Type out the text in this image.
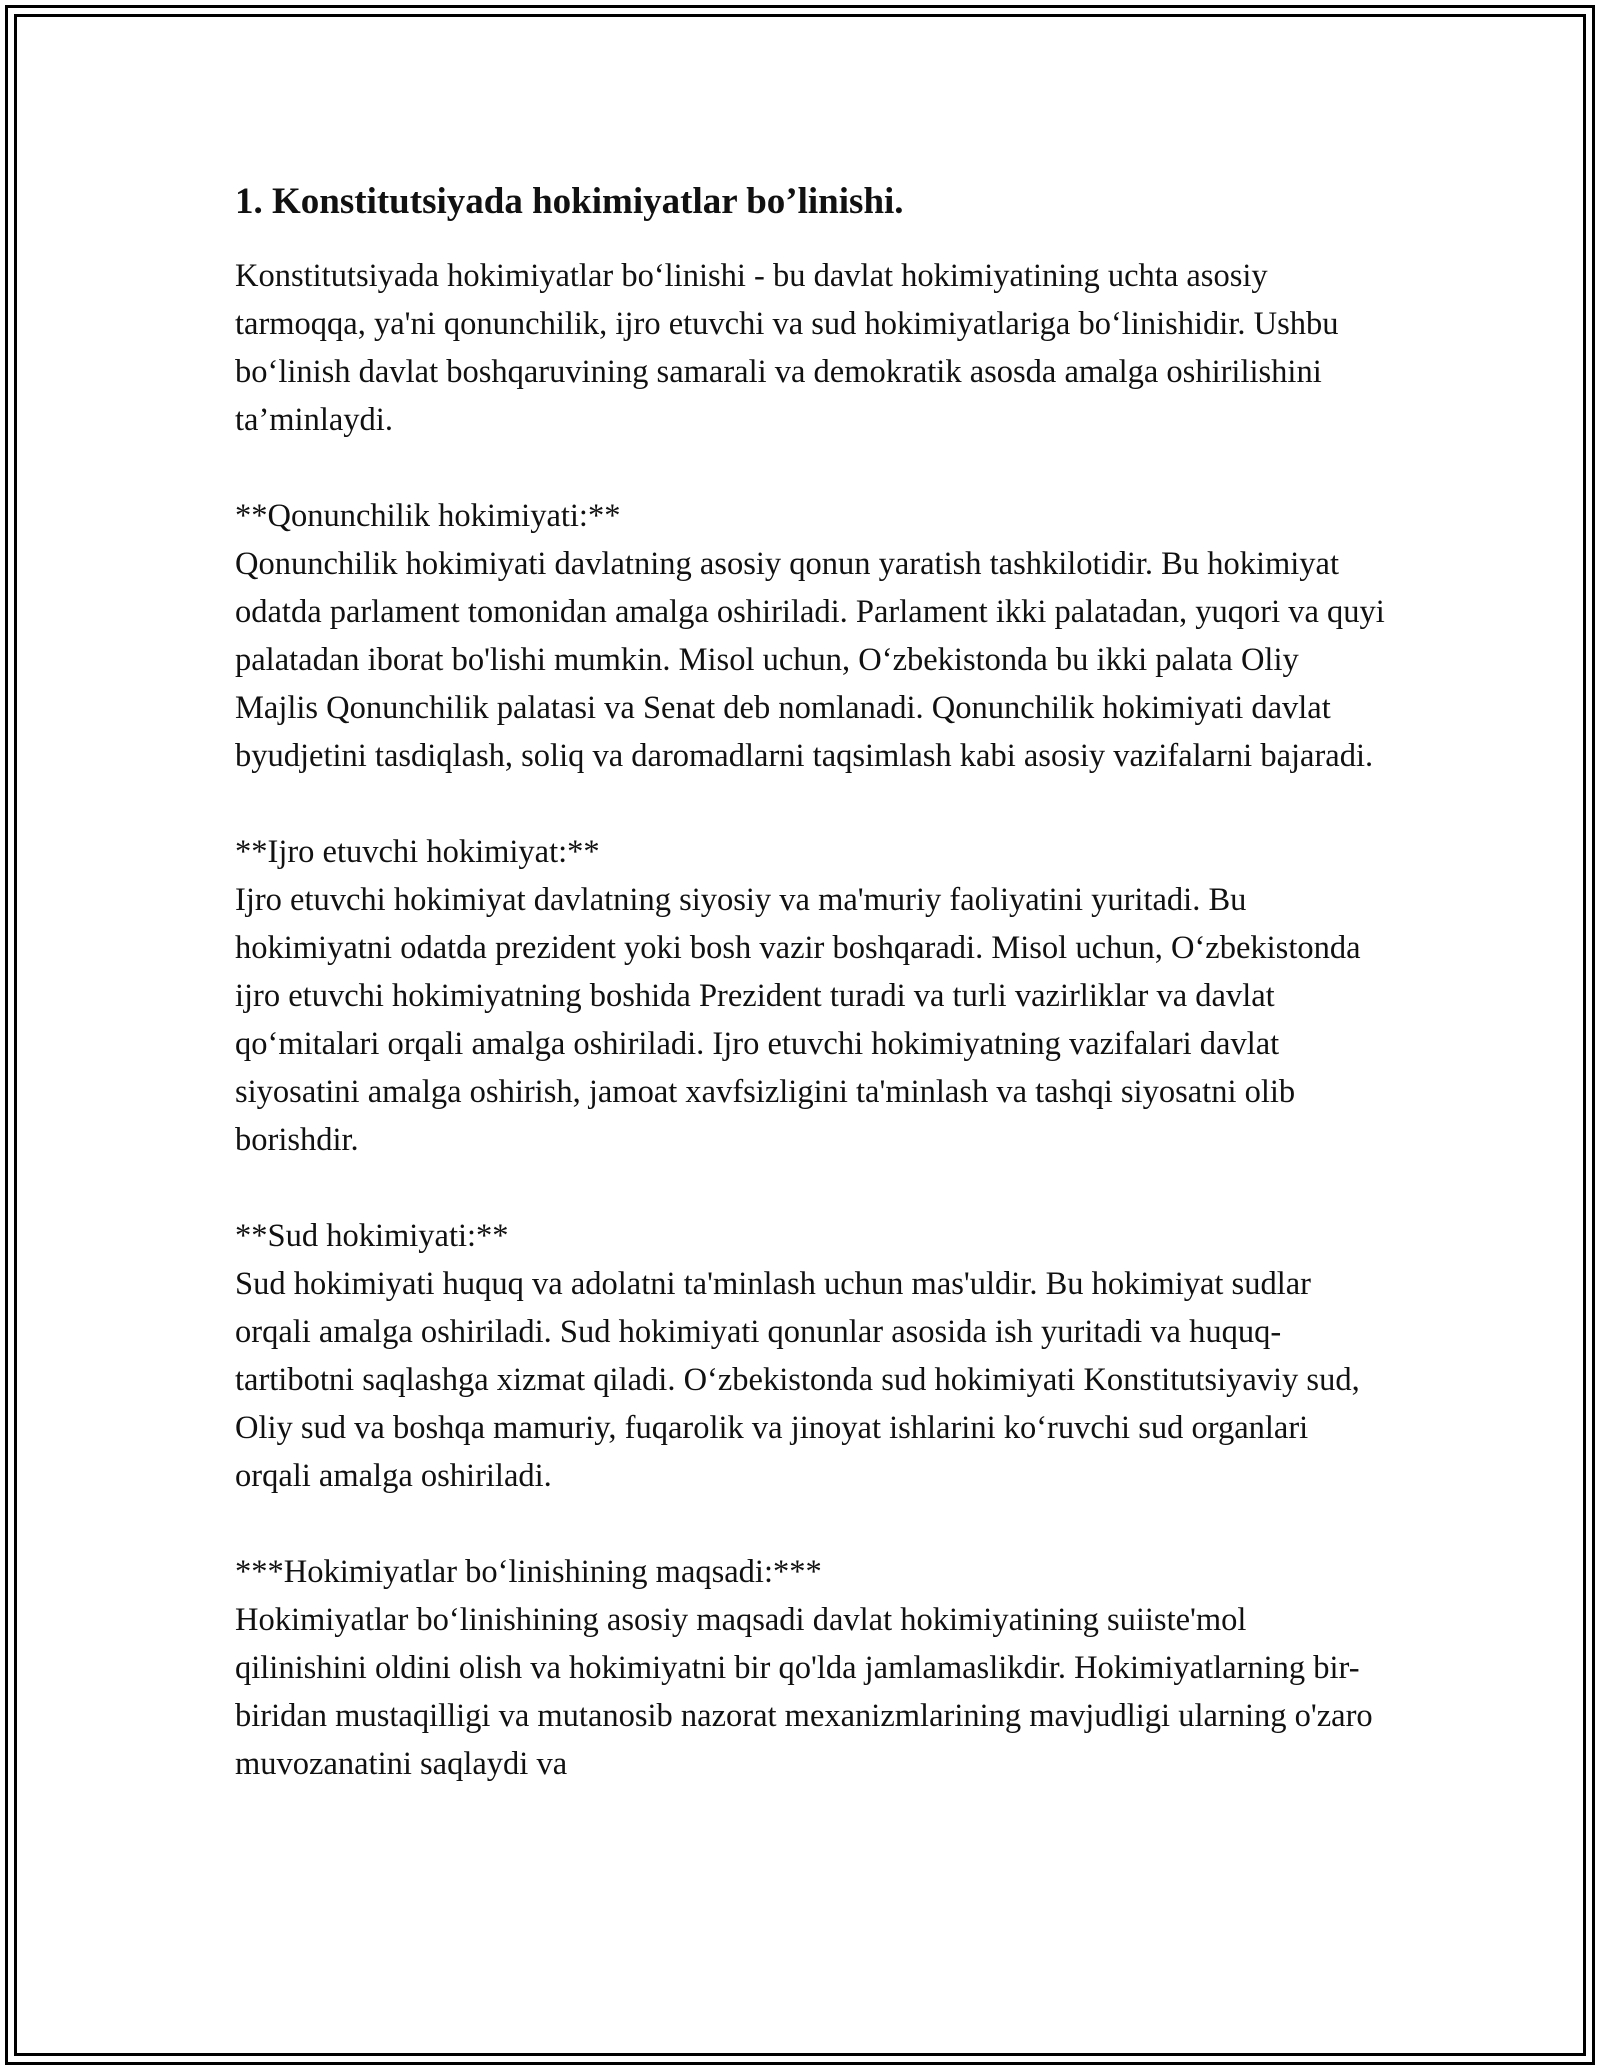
1. Konstitutsiyada hokimiyatlar bo’linishi.

Konstitutsiyada hokimiyatlar boʻlinishi - bu davlat hokimiyatining uchta asosiy tarmoqqa, ya'ni qonunchilik, ijro etuvchi va sud hokimiyatlariga boʻlinishidir. Ushbu boʻlinish davlat boshqaruvining samarali va demokratik asosda amalga oshirilishini ta’minlaydi.

**Qonunchilik hokimiyati:**

Qonunchilik hokimiyati davlatning asosiy qonun yaratish tashkilotidir. Bu hokimiyat odatda parlament tomonidan amalga oshiriladi. Parlament ikki palatadan, yuqori va quyi palatadan iborat bo'lishi mumkin. Misol uchun, Oʻzbekistonda bu ikki palata Oliy Majlis Qonunchilik palatasi va Senat deb nomlanadi. Qonunchilik hokimiyati davlat byudjetini tasdiqlash, soliq va daromadlarni taqsimlash kabi asosiy vazifalarni bajaradi.

**Ijro etuvchi hokimiyat:**

Ijro etuvchi hokimiyat davlatning siyosiy va ma'muriy faoliyatini yuritadi. Bu hokimiyatni odatda prezident yoki bosh vazir boshqaradi. Misol uchun, Oʻzbekistonda ijro etuvchi hokimiyatning boshida Prezident turadi va turli vazirliklar va davlat qoʻmitalari orqali amalga oshiriladi. Ijro etuvchi hokimiyatning vazifalari davlat siyosatini amalga oshirish, jamoat xavfsizligini ta'minlash va tashqi siyosatni olib borishdir.

**Sud hokimiyati:**

Sud hokimiyati huquq va adolatni ta'minlash uchun mas'uldir. Bu hokimiyat sudlar orqali amalga oshiriladi. Sud hokimiyati qonunlar asosida ish yuritadi va huquq-tartibotni saqlashga xizmat qiladi. Oʻzbekistonda sud hokimiyati Konstitutsiyaviy sud, Oliy sud va boshqa mamuriy, fuqarolik va jinoyat ishlarini koʻruvchi sud organlari orqali amalga oshiriladi.

***Hokimiyatlar boʻlinishining maqsadi:***

Hokimiyatlar boʻlinishining asosiy maqsadi davlat hokimiyatining suiiste'mol qilinishini oldini olish va hokimiyatni bir qo'lda jamlamaslikdir. Hokimiyatlarning bir-biridan mustaqilligi va mutanosib nazorat mexanizmlarining mavjudligi ularning o'zaro muvozanatini saqlaydi va
